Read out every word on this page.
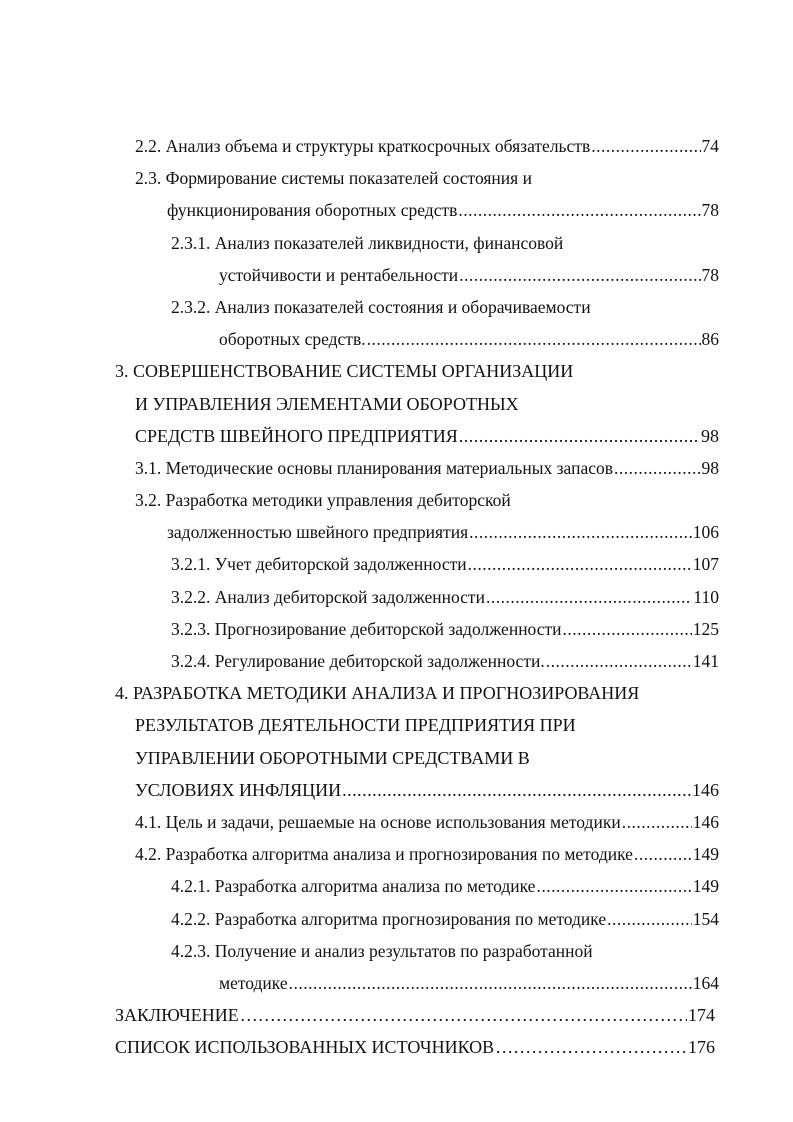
2.2. Анализ объема и структуры краткосрочных обязательств .....	74
2.3. Формирование системы показателей состояния и
функционирования оборотных средств .....	78
2.3.1. Анализ показателей ликвидности, финансовой
устойчивости и рентабельности .....	78
2.3.2. Анализ показателей состояния и оборачиваемости
оборотных средств. .....	86
3. СОВЕРШЕНСТВОВАНИЕ СИСТЕМЫ ОРГАНИЗАЦИИ
И УПРАВЛЕНИЯ ЭЛЕМЕНТАМИ ОБОРОТНЫХ
СРЕДСТВ ШВЕЙНОГО ПРЕДПРИЯТИЯ .....	98
3.1. Методические основы планирования материальных запасов .....	98
3.2. Разработка методики управления дебиторской
задолженностью швейного предприятия .....	106
3.2.1. Учет дебиторской задолженности .....	107
3.2.2. Анализ дебиторской задолженности .....	110
3.2.3. Прогнозирование дебиторской задолженности .....	125
3.2.4. Регулирование дебиторской задолженности. .....	141
4. РАЗРАБОТКА МЕТОДИКИ АНАЛИЗА И ПРОГНОЗИРОВАНИЯ
РЕЗУЛЬТАТОВ ДЕЯТЕЛЬНОСТИ ПРЕДПРИЯТИЯ ПРИ
УПРАВЛЕНИИ ОБОРОТНЫМИ СРЕДСТВАМИ В
УСЛОВИЯХ ИНФЛЯЦИИ .....	146
4.1. Цель и задачи, решаемые на основе использования методики .....	146
4.2. Разработка алгоритма анализа и прогнозирования по методике .....	149
4.2.1. Разработка алгоритма анализа по методике .....	149
4.2.2. Разработка алгоритма прогнозирования по методике .....	154
4.2.3. Получение и анализ результатов по разработанной
методике .....	164
ЗАКЛЮЧЕНИЕ ………………………………………………………………………………………………………………………………………………………………	174
СПИСОК ИСПОЛЬЗОВАННЫХ ИСТОЧНИКОВ ………………………………………………………………………………………………………………………………………………………………	176
